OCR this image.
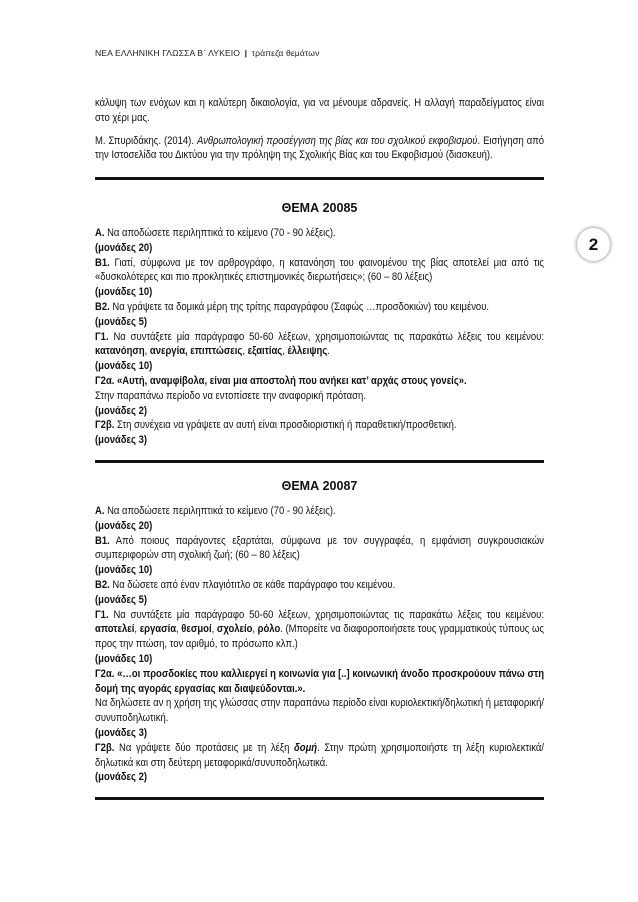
ΝΕΑ ΕΛΛΗΝΙΚΗ ΓΛΩΣΣΑ Β΄ ΛΥΚΕΙΟ | τράπεζα θεμάτων
2

κάλυψη των ενόχων και η καλύτερη δικαιολογία, για να μένουμε αδρανείς. Η αλλαγή παραδείγματος είναι στο χέρι μας.

Μ. Σπυριδάκης. (2014). Ανθρωπολογική προσέγγιση της βίας και του σχολικού εκφοβισμού. Εισήγηση από την Ιστοσελίδα του Δικτύου για την πρόληψη της Σχολικής Βίας και του Εκφοβισμού (διασκευή).

ΘΕΜΑ 20085

Α. Να αποδώσετε περιληπτικά το κείμενο (70 - 90 λέξεις).

(μονάδες 20)

Β1. Γιατί, σύμφωνα με τον αρθρογράφο, η κατανόηση του φαινομένου της βίας αποτελεί μια από τις «δυσκολότερες και πιο προκλητικές επιστημονικές διερωτήσεις»; (60 – 80 λέξεις)

(μονάδες 10)

Β2. Να γράψετε τα δομικά μέρη της τρίτης παραγράφου (Σαφώς …προσδοκιών) του κειμένου.

(μονάδες 5)

Γ1. Να συντάξετε μία παράγραφο 50-60 λέξεων, χρησιμοποιώντας τις παρακάτω λέξεις του κειμένου: κατανόηση, ανεργία, επιπτώσεις, εξαιτίας, έλλειψης.

(μονάδες 10)

Γ2α. «Αυτή, αναμφίβολα, είναι μια αποστολή που ανήκει κατ’ αρχάς στους γονείς».

Στην παραπάνω περίοδο να εντοπίσετε την αναφορική πρόταση.

(μονάδες 2)

Γ2β. Στη συνέχεια να γράψετε αν αυτή είναι προσδιοριστική ή παραθετική/προσθετική.

(μονάδες 3)

ΘΕΜΑ 20087

Α. Να αποδώσετε περιληπτικά το κείμενο (70 - 90 λέξεις).

(μονάδες 20)

Β1. Από ποιους παράγοντες εξαρτάται, σύμφωνα με τον συγγραφέα, η εμφάνιση συγκρουσιακών συμπεριφορών στη σχολική ζωή; (60 – 80 λέξεις)

(μονάδες 10)

Β2. Να δώσετε από έναν πλαγιότιτλο σε κάθε παράγραφο του κειμένου.

(μονάδες 5)

Γ1. Να συντάξετε μία παράγραφο 50-60 λέξεων, χρησιμοποιώντας τις παρακάτω λέξεις του κειμένου: αποτελεί, εργασία, θεσμοί, σχολείο, ρόλο. (Μπορείτε να διαφοροποιήσετε τους γραμματικούς τύπους ως προς την πτώση, τον αριθμό, το πρόσωπο κλπ.)

(μονάδες 10)

Γ2α. «…οι προσδοκίες που καλλιεργεί η κοινωνία για [..] κοινωνική άνοδο προσκρούουν πάνω στη δομή της αγοράς εργασίας και διαψεύδονται.».

Να δηλώσετε αν η χρήση της γλώσσας στην παραπάνω περίοδο είναι κυριολεκτική/δηλωτική ή μεταφορική/συνυποδηλωτική.

(μονάδες 3)

Γ2β. Να γράψετε δύο προτάσεις με τη λέξη δομή. Στην πρώτη χρησιμοποιήστε τη λέξη κυριολεκτικά/δηλωτικά και στη δεύτερη μεταφορικά/συνυποδηλωτικά.

(μονάδες 2)
